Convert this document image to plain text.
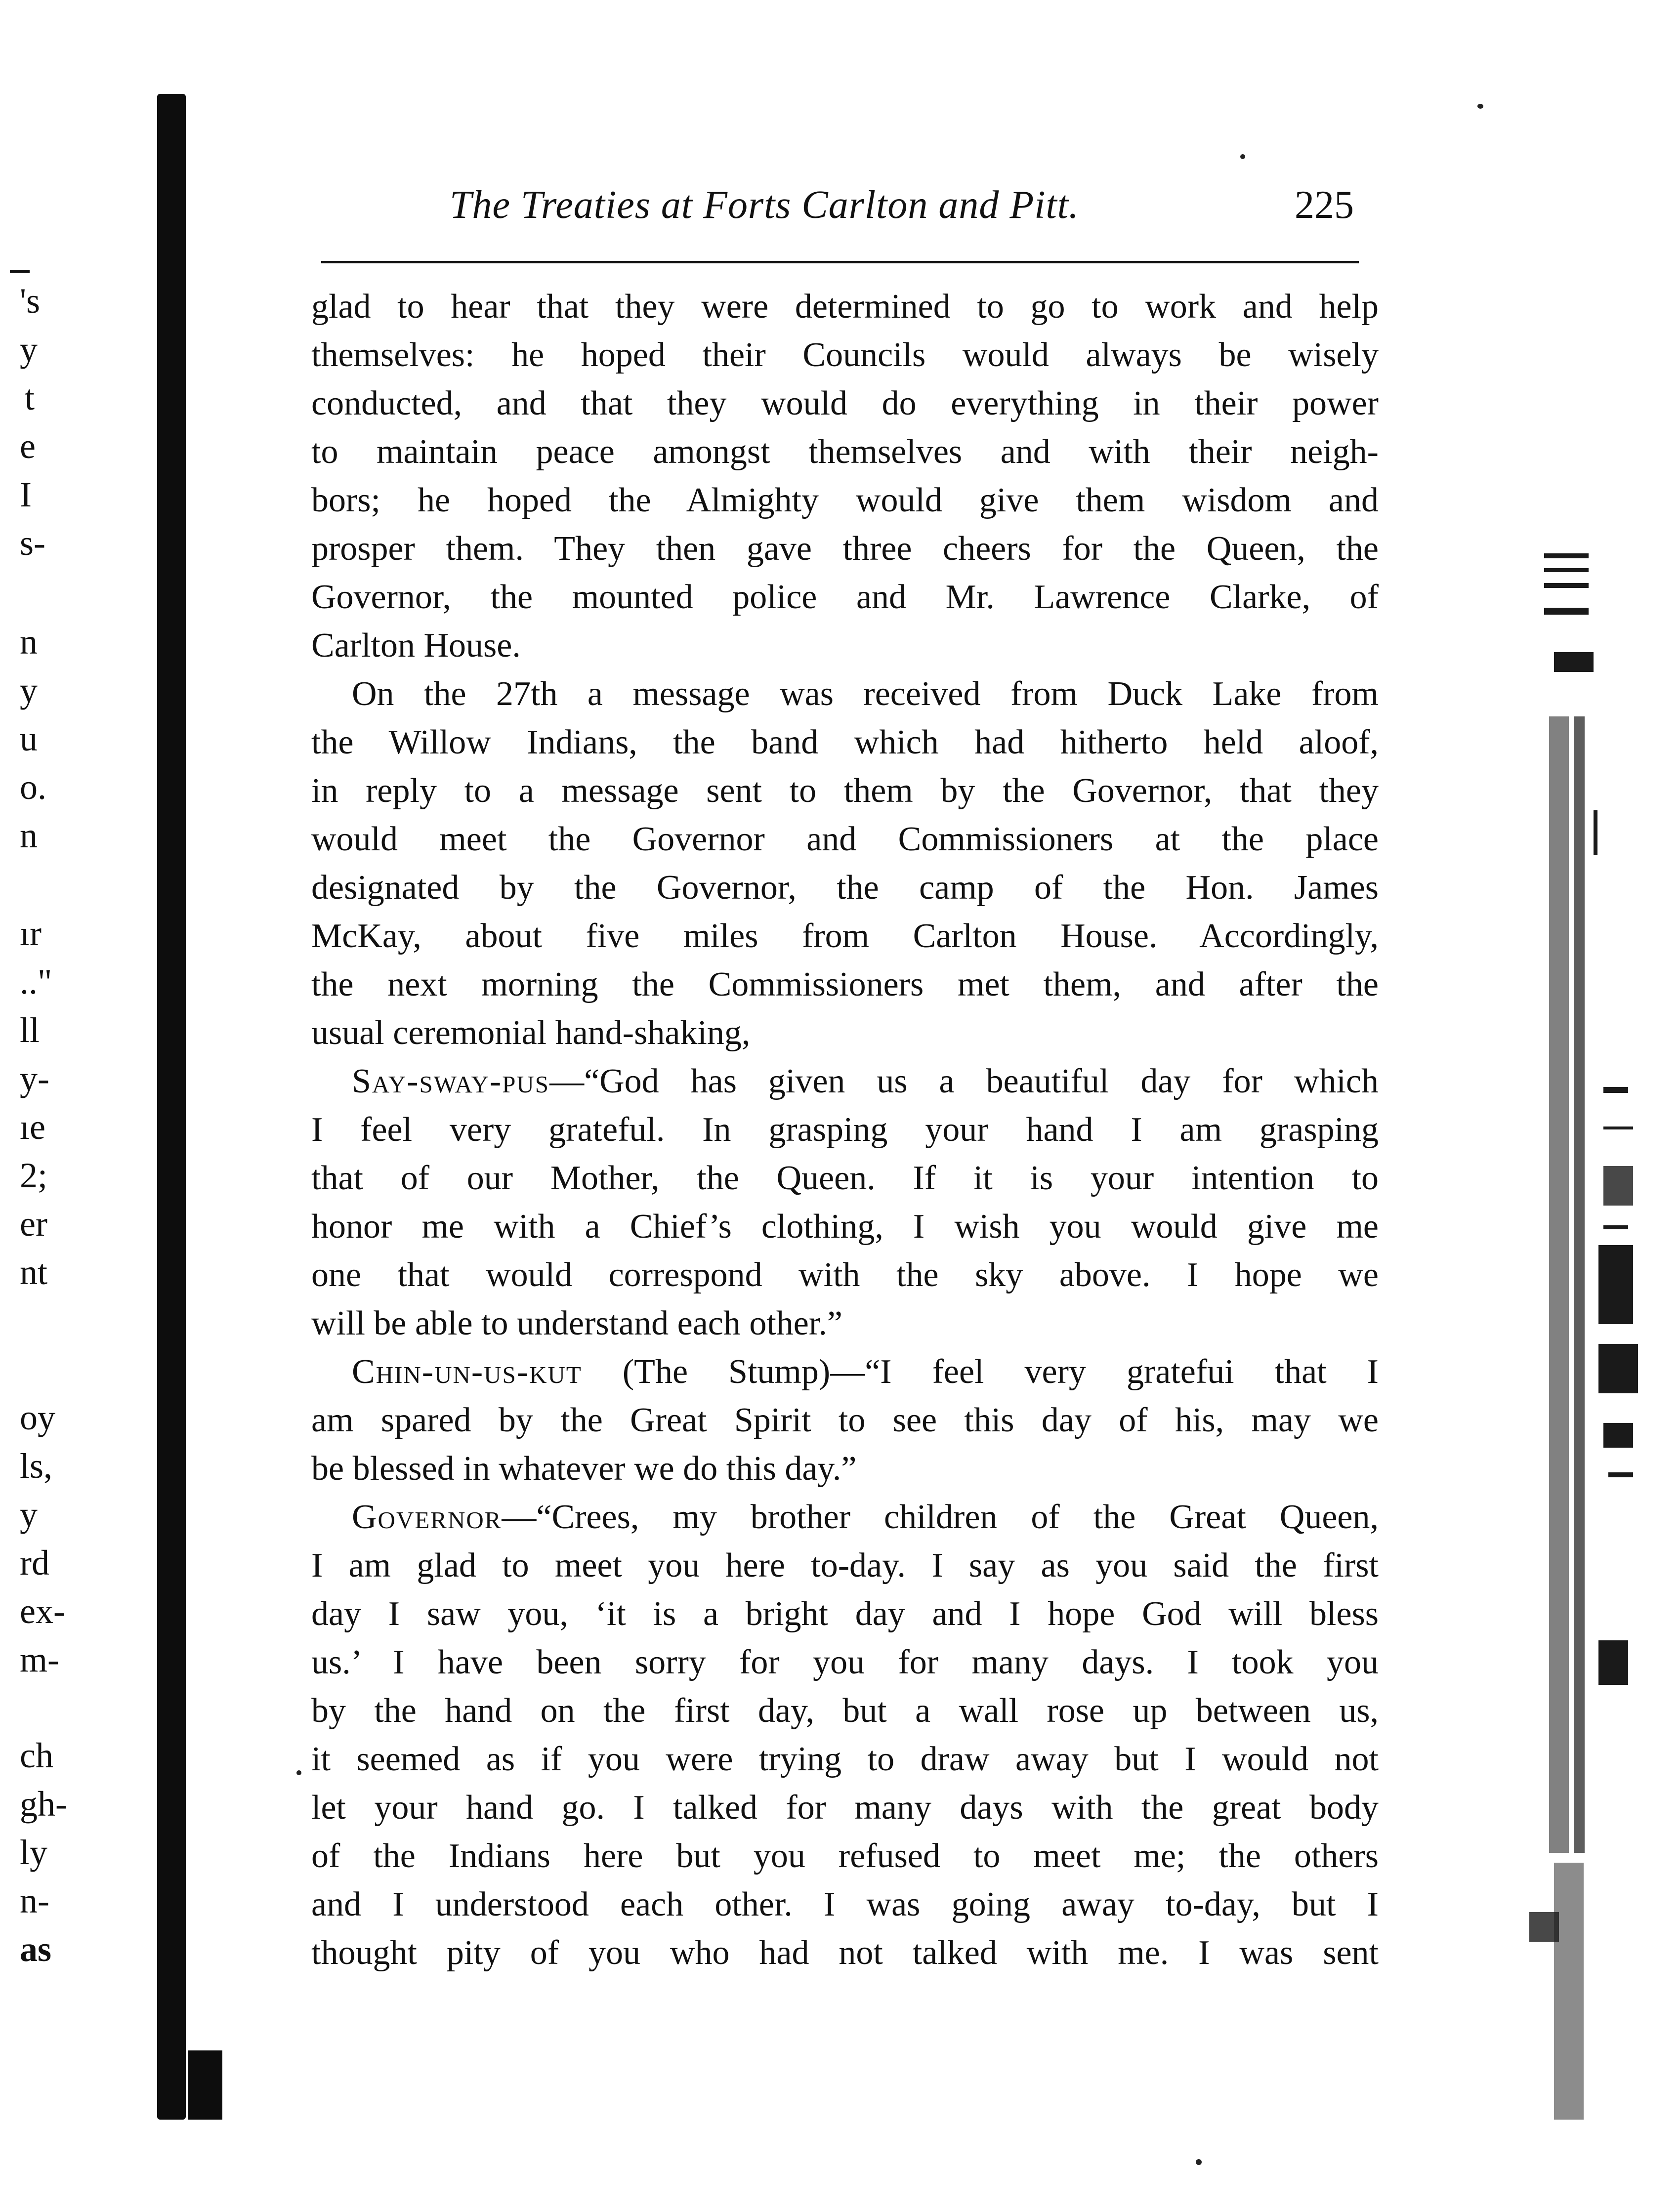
's
y
t
e
I
s-
n
y
u
o.
n
ır
.."
ll
y-
ıe
2;
er
nt
oy
ls,
y
rd
ex-
m-
ch
gh-
ly
n-
as
The Treaties at Forts Carlton and Pitt.	225
glad to hear that they were determined to go to work and help
themselves: he hoped their Councils would always be wisely
conducted, and that they would do everything in their power
to maintain peace amongst themselves and with their neigh-
bors; he hoped the Almighty would give them wisdom and
prosper them. They then gave three cheers for the Queen, the
Governor, the mounted police and Mr. Lawrence Clarke, of
Carlton House.
On the 27th a message was received from Duck Lake from
the Willow Indians, the band which had hitherto held aloof,
in reply to a message sent to them by the Governor, that they
would meet the Governor and Commissioners at the place
designated by the Governor, the camp of the Hon. James
McKay, about five miles from Carlton House. Accordingly,
the next morning the Commissioners met them, and after the
usual ceremonial hand-shaking,
Say-sway-pus—“God has given us a beautiful day for which
I feel very grateful. In grasping your hand I am grasping
that of our Mother, the Queen. If it is your intention to
honor me with a Chief’s clothing, I wish you would give me
one that would correspond with the sky above. I hope we
will be able to understand each other.”
Chin-un-us-kut (The Stump)—“I feel very gratefui that I
am spared by the Great Spirit to see this day of his, may we
be blessed in whatever we do this day.”
Governor—“Crees, my brother children of the Great Queen,
I am glad to meet you here to-day. I say as you said the first
day I saw you, ‘it is a bright day and I hope God will bless
us.’ I have been sorry for you for many days. I took you
by the hand on the first day, but a wall rose up between us,
it seemed as if you were trying to draw away but I would not
let your hand go. I talked for many days with the great body
of the Indians here but you refused to meet me; the others
and I understood each other. I was going away to-day, but I
thought pity of you who had not talked with me. I was sent
